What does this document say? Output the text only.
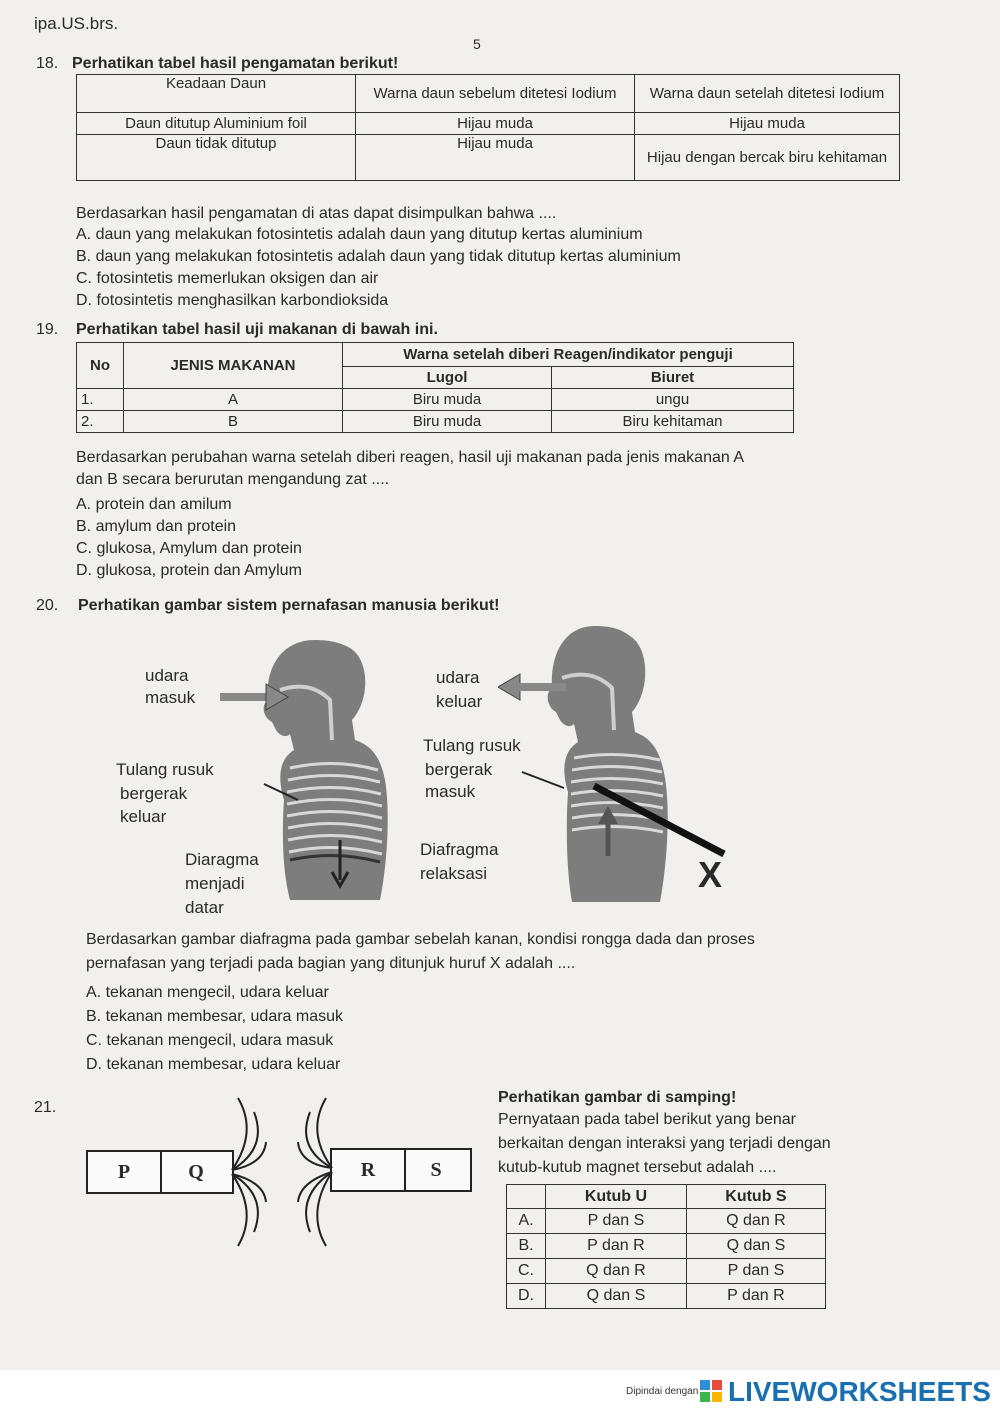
ipa.US.brs.
5
18. Perhatikan tabel hasil pengamatan berikut!
Keadaan Daun	Warna daun sebelum ditetesi Iodium	Warna daun setelah ditetesi Iodium
Daun ditutup Aluminium foil	Hijau muda	Hijau muda
Daun tidak ditutup	Hijau muda	Hijau dengan bercak biru kehitaman
Berdasarkan hasil pengamatan di atas dapat disimpulkan bahwa ....
A. daun yang melakukan fotosintetis adalah daun yang ditutup kertas aluminium
B. daun yang melakukan fotosintetis adalah daun yang tidak ditutup kertas aluminium
C. fotosintetis memerlukan oksigen dan air
D. fotosintetis menghasilkan karbondioksida
19. Perhatikan tabel hasil uji makanan di bawah ini.
No	JENIS MAKANAN	Warna setelah diberi Reagen/indikator penguji	
		Lugol	Biuret
1.	A	Biru muda	ungu
2.	B	Biru muda	Biru kehitaman
Berdasarkan perubahan warna setelah diberi reagen, hasil uji makanan pada jenis makanan A
dan B secara berurutan mengandung zat ....
A. protein dan amilum
B. amylum dan protein
C. glukosa, Amylum dan protein
D. glukosa, protein dan Amylum
20. Perhatikan gambar sistem pernafasan manusia berikut!
udara
masuk
Tulang rusuk
bergerak
keluar
Diaragma
menjadi
datar
udara
keluar
Tulang rusuk
bergerak
masuk
Diafragma
relaksasi	X
Berdasarkan gambar diafragma pada gambar sebelah kanan, kondisi rongga dada dan proses
pernafasan yang terjadi pada bagian yang ditunjuk huruf X adalah ....
A. tekanan mengecil, udara keluar
B. tekanan membesar, udara masuk
C. tekanan mengecil, udara masuk
D. tekanan membesar, udara keluar
21.
P	Q	R	S
Perhatikan gambar di samping!
Pernyataan pada tabel berikut yang benar
berkaitan dengan interaksi yang terjadi dengan
kutub-kutub magnet tersebut adalah ....
	Kutub U	Kutub S
A.	P dan S	Q dan R
B.	P dan R	Q dan S
C.	Q dan R	P dan S
D.	Q dan S	P dan R
Dipindai dengan LIVEWORKSHEETS
